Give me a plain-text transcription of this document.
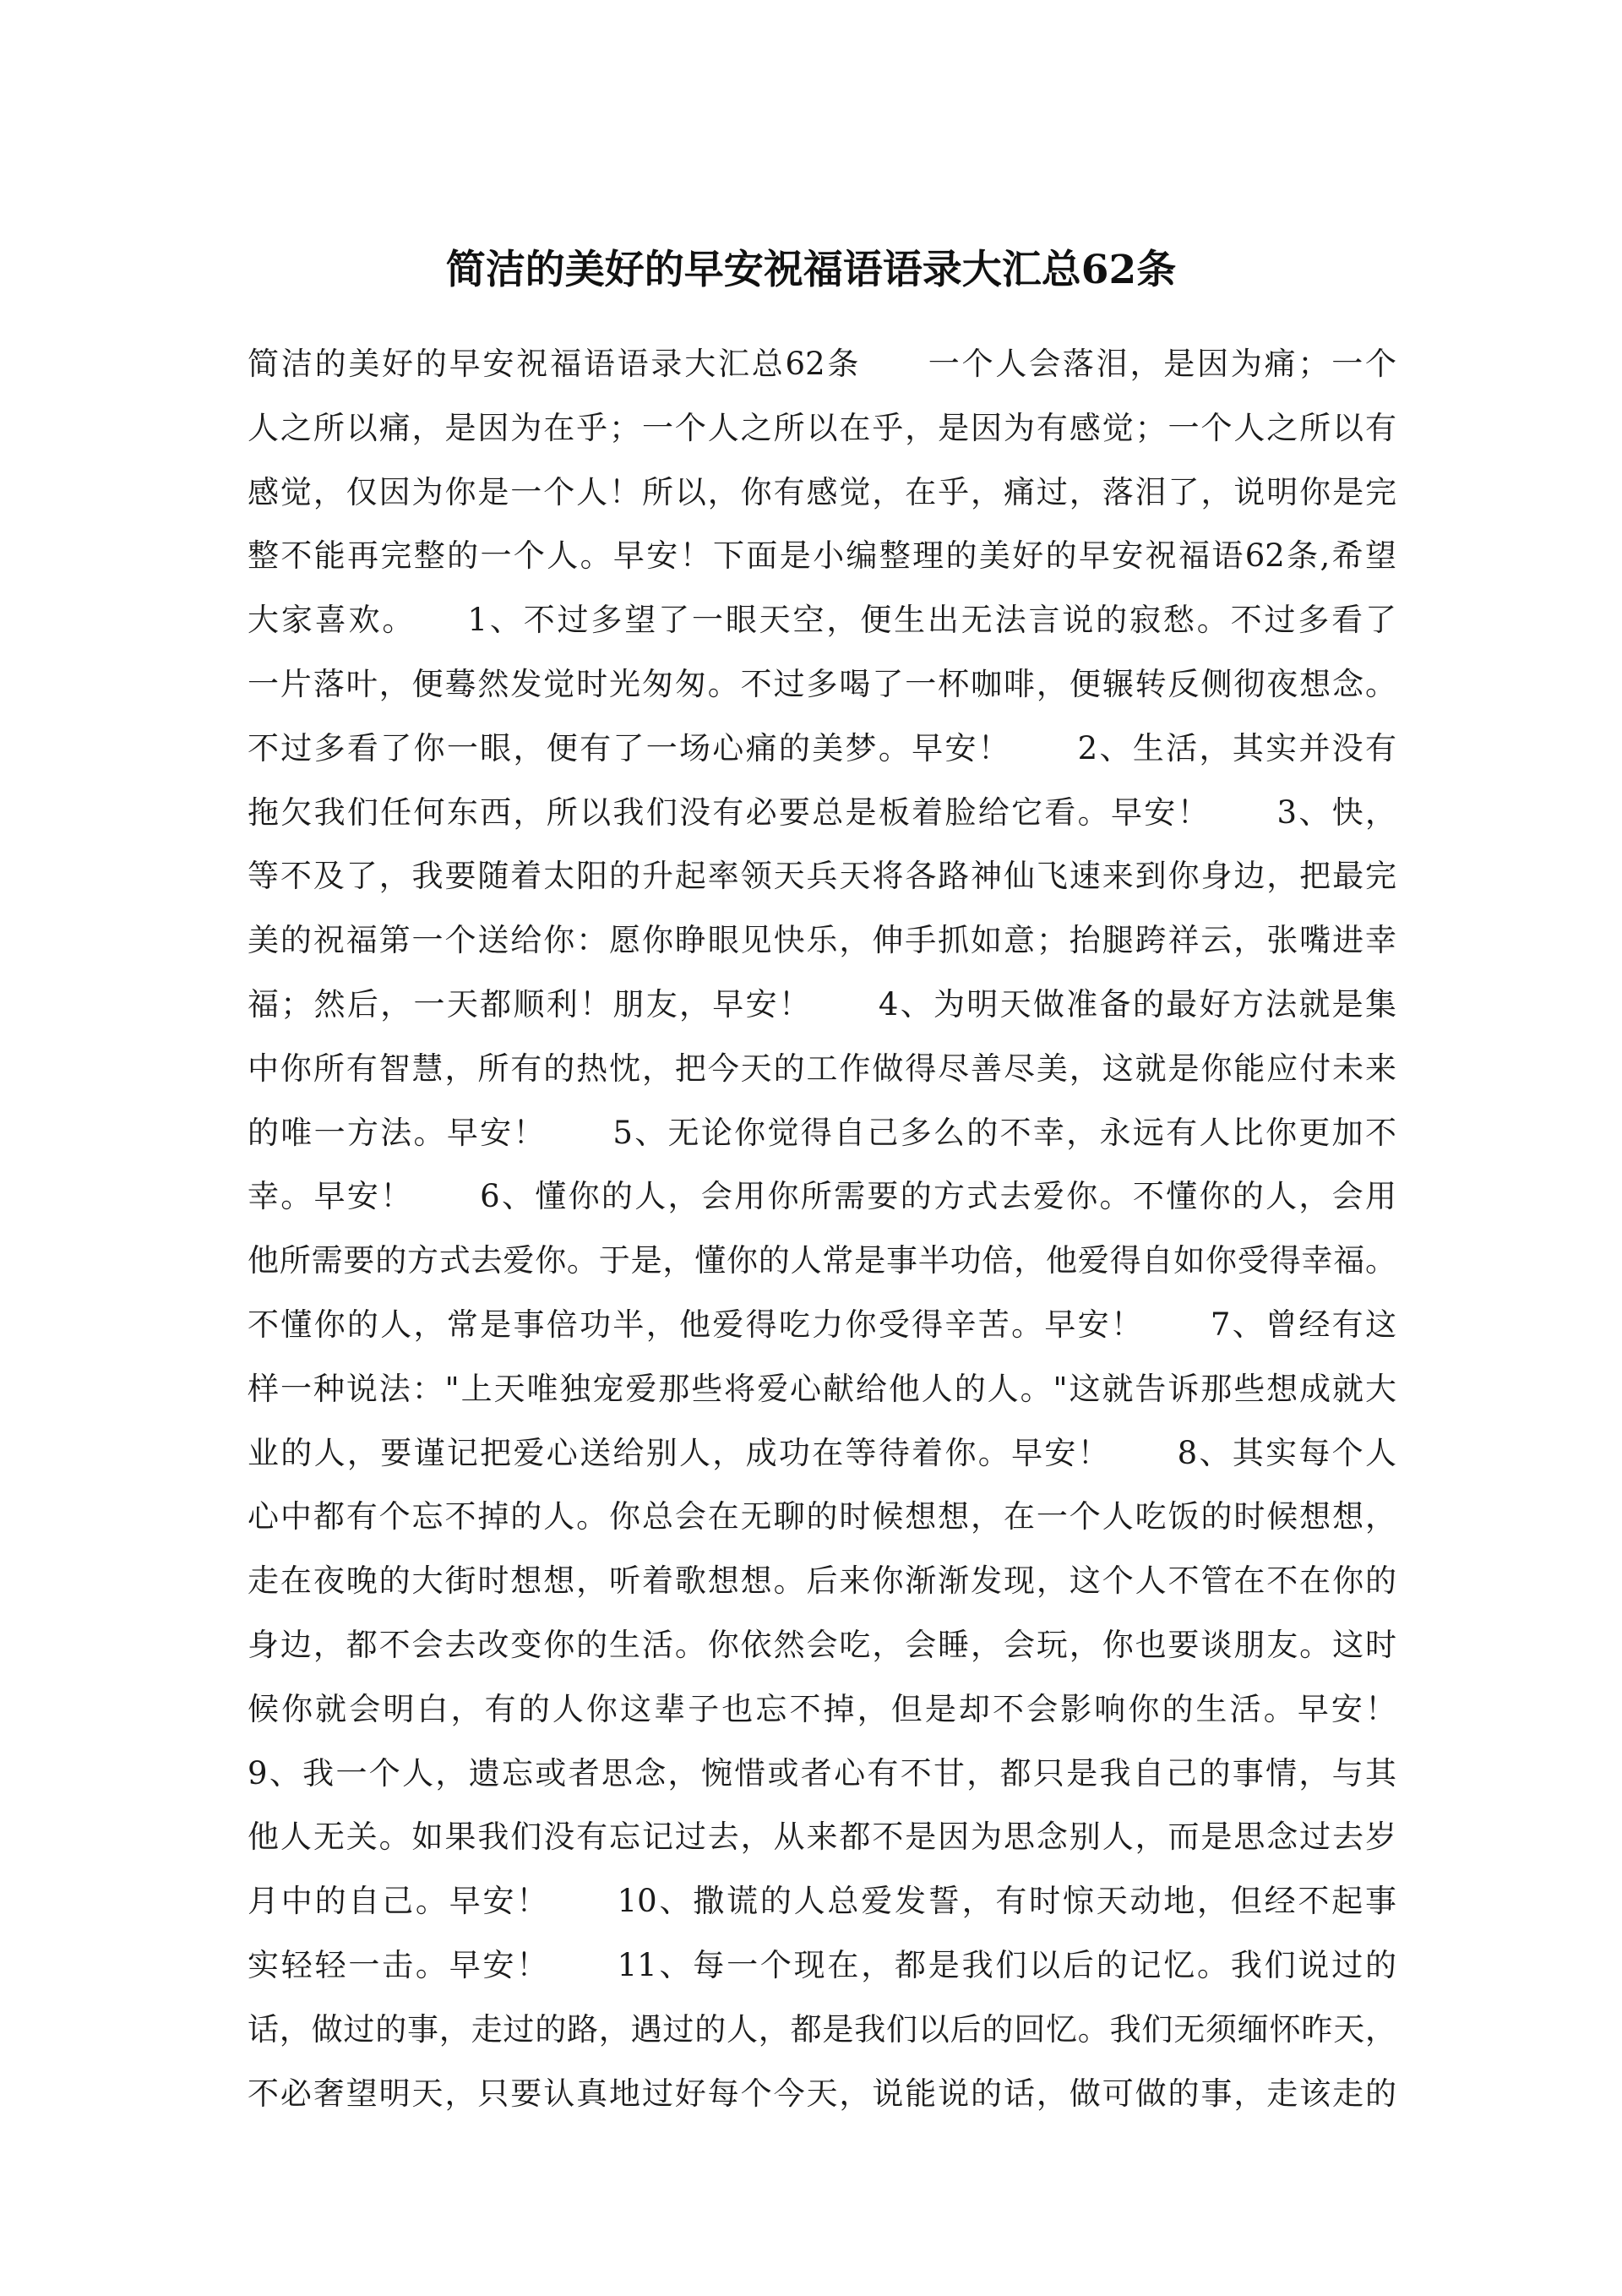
简洁的美好的早安祝福语语录大汇总62条
简洁的美好的早安祝福语语录大汇总62条　　一个人会落泪，是因为痛；一个
人之所以痛，是因为在乎；一个人之所以在乎，是因为有感觉；一个人之所以有
感觉，仅因为你是一个人！所以，你有感觉，在乎，痛过，落泪了，说明你是完
整不能再完整的一个人。早安！下面是小编整理的美好的早安祝福语62条,希望
大家喜欢。　　1、不过多望了一眼天空，便生出无法言说的寂愁。不过多看了
一片落叶，便蓦然发觉时光匆匆。不过多喝了一杯咖啡，便辗转反侧彻夜想念。
不过多看了你一眼，便有了一场心痛的美梦。早安！　　2、生活，其实并没有
拖欠我们任何东西，所以我们没有必要总是板着脸给它看。早安！　　3、快，
等不及了，我要随着太阳的升起率领天兵天将各路神仙飞速来到你身边，把最完
美的祝福第一个送给你：愿你睁眼见快乐，伸手抓如意；抬腿跨祥云，张嘴进幸
福；然后，一天都顺利！朋友，早安！　　4、为明天做准备的最好方法就是集
中你所有智慧，所有的热忱，把今天的工作做得尽善尽美，这就是你能应付未来
的唯一方法。早安！　　5、无论你觉得自己多么的不幸，永远有人比你更加不
幸。早安！　　6、懂你的人，会用你所需要的方式去爱你。不懂你的人，会用
他所需要的方式去爱你。于是，懂你的人常是事半功倍，他爱得自如你受得幸福。
不懂你的人，常是事倍功半，他爱得吃力你受得辛苦。早安！　　7、曾经有这
样一种说法："上天唯独宠爱那些将爱心献给他人的人。"这就告诉那些想成就大
业的人，要谨记把爱心送给别人，成功在等待着你。早安！　　8、其实每个人
心中都有个忘不掉的人。你总会在无聊的时候想想，在一个人吃饭的时候想想，
走在夜晚的大街时想想，听着歌想想。后来你渐渐发现，这个人不管在不在你的
身边，都不会去改变你的生活。你依然会吃，会睡，会玩，你也要谈朋友。这时
候你就会明白，有的人你这辈子也忘不掉，但是却不会影响你的生活。早安！
9、我一个人，遗忘或者思念，惋惜或者心有不甘，都只是我自己的事情，与其
他人无关。如果我们没有忘记过去，从来都不是因为思念别人，而是思念过去岁
月中的自己。早安！　　10、撒谎的人总爱发誓，有时惊天动地，但经不起事
实轻轻一击。早安！　　11、每一个现在，都是我们以后的记忆。我们说过的
话，做过的事，走过的路，遇过的人，都是我们以后的回忆。我们无须缅怀昨天，
不必奢望明天，只要认真地过好每个今天，说能说的话，做可做的事，走该走的
